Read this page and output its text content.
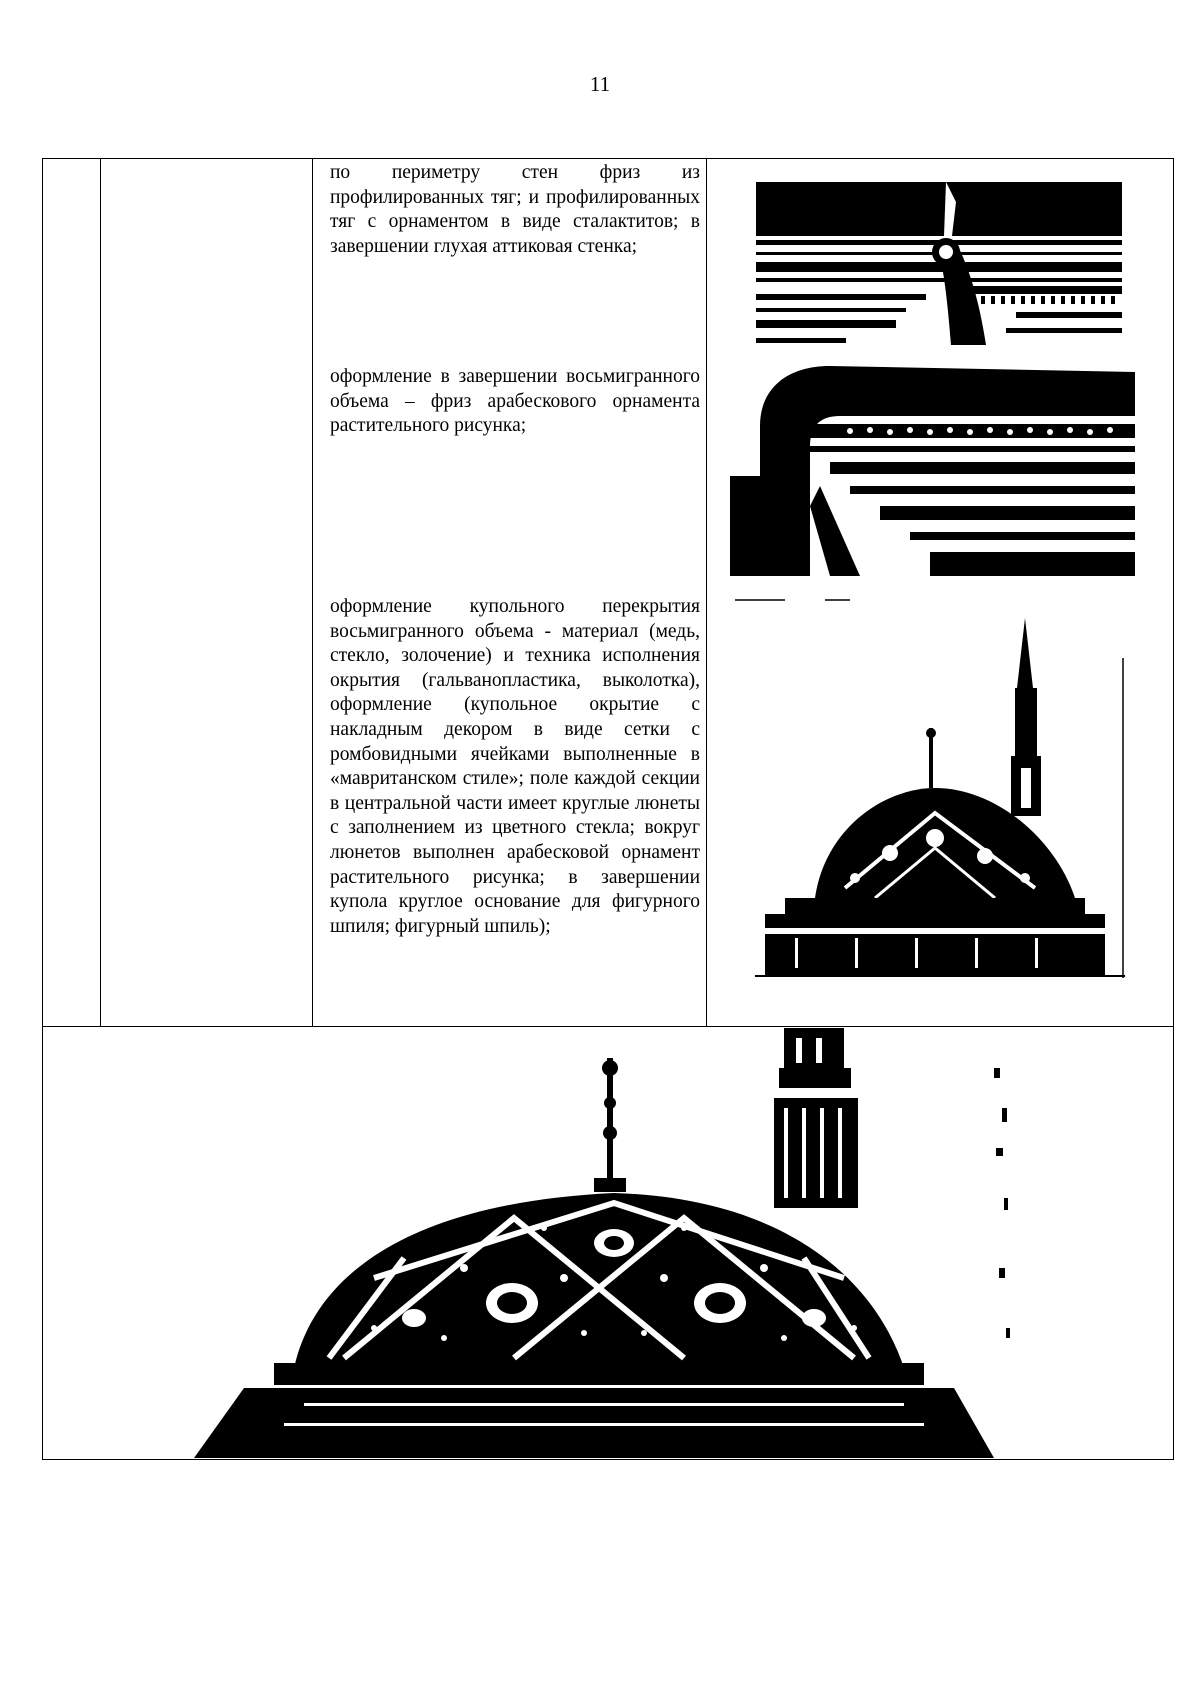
11

по периметру стен фриз из профилированных тяг; и профилированных тяг с орнаментом в виде сталактитов; в завершении глухая аттиковая стенка;

оформление в завершении восьмигранного объема – фриз арабескового орнамента растительного рисунка;

оформление купольного перекрытия восьмигранного объема - материал (медь, стекло, золочение) и техника исполнения окрытия (гальванопластика, выколотка), оформление (купольное окрытие с накладным декором в виде сетки с ромбовидными ячейками выполненные в «мавританском стиле»; поле каждой секции в центральной части имеет круглые люнеты с заполнением из цветного стекла; вокруг люнетов выполнен арабесковой орнамент растительного рисунка; в завершении купола круглое основание для фигурного шпиля; фигурный шпиль);
